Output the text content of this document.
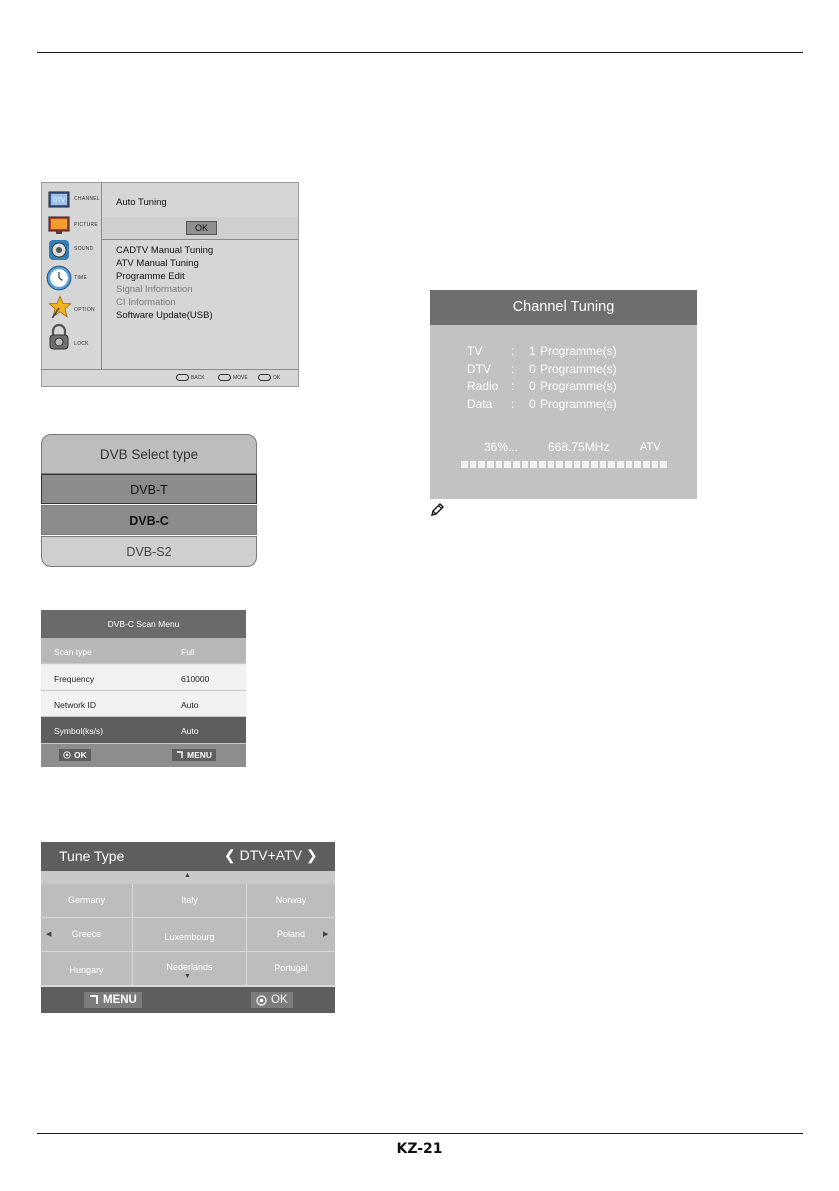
DTV CHANNEL
PICTURE
SOUND
TIME
OPTION
LOCK
Auto Tuning
OK
CADTV Manual Tuning
ATV Manual Tuning
Programme Edit
Signal Information
CI Information
Software Update(USB)
BACK	MOVE	OK
DVB Select type
DVB-T
DVB-C
DVB-S2
DVB-C Scan Menu
Scan type	Full
Frequency	610000
Network ID	Auto
Symbol(ks/s)	Auto
OK	MENU
Tune Type	❮ DTV+ATV ❯
▲
Germany	Italy	Norway
Greece	Luxembourg	Poland
Hungary	Nederlands	Portugal
◀	▶
▼
MENU	OK
Channel Tuning
TV	:	1 Programme(s)
DTV	:	0 Programme(s)
Radio	:	0 Programme(s)
Data	:	0 Programme(s)
36%... 668.75MHz	ATV
KZ-21
